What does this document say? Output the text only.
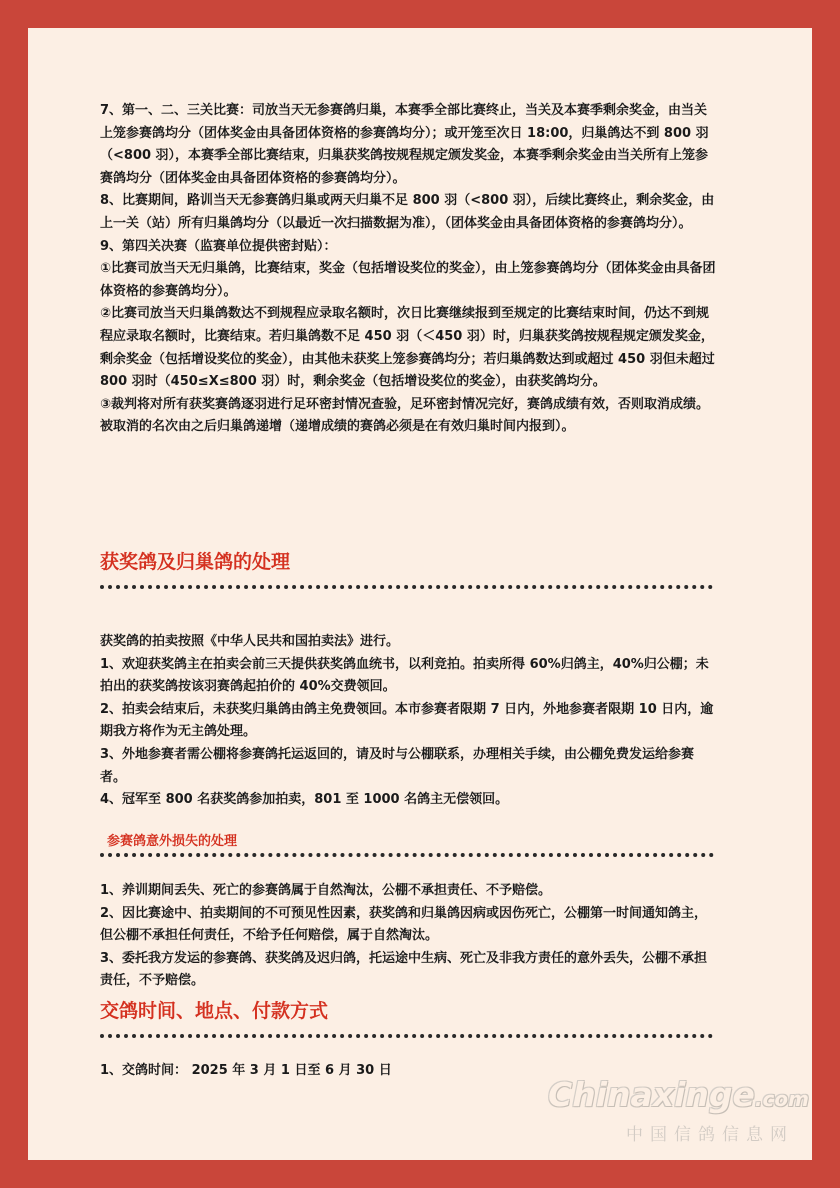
7、第一、二、三关比赛：司放当天无参赛鸽归巢，本赛季全部比赛终止，当关及本赛季剩余奖金，由当关上笼参赛鸽均分（团体奖金由具备团体资格的参赛鸽均分）；或开笼至次日 18:00，归巢鸽达不到 800 羽（<800 羽），本赛季全部比赛结束，归巢获奖鸽按规程规定颁发奖金，本赛季剩余奖金由当关所有上笼参赛鸽均分（团体奖金由具备团体资格的参赛鸽均分）。

8、比赛期间，路训当天无参赛鸽归巢或两天归巢不足 800 羽（<800 羽），后续比赛终止，剩余奖金，由上一关（站）所有归巢鸽均分（以最近一次扫描数据为准），（团体奖金由具备团体资格的参赛鸽均分）。

9、第四关决赛（监赛单位提供密封贴）：

①比赛司放当天无归巢鸽，比赛结束，奖金（包括增设奖位的奖金），由上笼参赛鸽均分（团体奖金由具备团体资格的参赛鸽均分）。

②比赛司放当天归巢鸽数达不到规程应录取名额时，次日比赛继续报到至规定的比赛结束时间，仍达不到规程应录取名额时，比赛结束。若归巢鸽数不足 450 羽（＜450 羽）时，归巢获奖鸽按规程规定颁发奖金，剩余奖金（包括增设奖位的奖金），由其他未获奖上笼参赛鸽均分；若归巢鸽数达到或超过 450 羽但未超过 800 羽时（450≤X≤800 羽）时，剩余奖金（包括增设奖位的奖金），由获奖鸽均分。

③裁判将对所有获奖赛鸽逐羽进行足环密封情况查验，足环密封情况完好，赛鸽成绩有效，否则取消成绩。被取消的名次由之后归巢鸽递增（递增成绩的赛鸽必须是在有效归巢时间内报到）。

获奖鸽及归巢鸽的处理

获奖鸽的拍卖按照《中华人民共和国拍卖法》进行。

1、欢迎获奖鸽主在拍卖会前三天提供获奖鸽血统书，以利竞拍。拍卖所得 60%归鸽主，40%归公棚；未拍出的获奖鸽按该羽赛鸽起拍价的 40%交费领回。

2、拍卖会结束后，未获奖归巢鸽由鸽主免费领回。本市参赛者限期 7 日内，外地参赛者限期 10 日内，逾期我方将作为无主鸽处理。

3、外地参赛者需公棚将参赛鸽托运返回的，请及时与公棚联系，办理相关手续，由公棚免费发运给参赛者。

4、冠军至 800 名获奖鸽参加拍卖，801 至 1000 名鸽主无偿领回。

参赛鸽意外损失的处理

1、养训期间丢失、死亡的参赛鸽属于自然淘汰，公棚不承担责任、不予赔偿。

2、因比赛途中、拍卖期间的不可预见性因素，获奖鸽和归巢鸽因病或因伤死亡，公棚第一时间通知鸽主，但公棚不承担任何责任，不给予任何赔偿，属于自然淘汰。

3、委托我方发运的参赛鸽、获奖鸽及迟归鸽，托运途中生病、死亡及非我方责任的意外丢失，公棚不承担责任，不予赔偿。

交鸽时间、地点、付款方式

1、交鸽时间： 2025 年 3 月 1 日至 6 月 30 日

Chinaxinge.com
中国信鸽信息网
